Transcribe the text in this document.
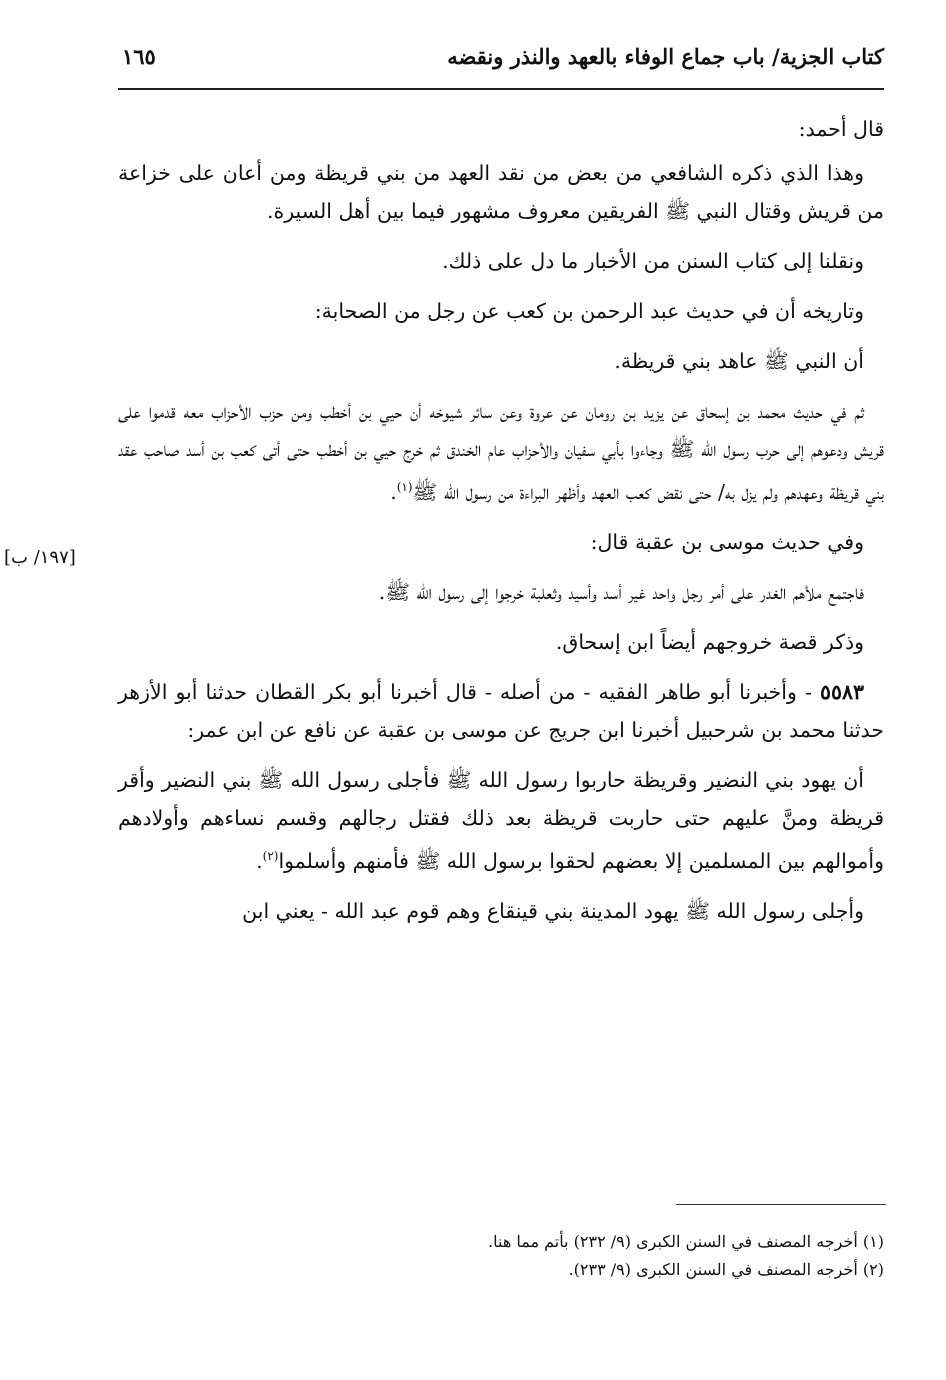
كتاب الجزية/ باب جماع الوفاء بالعهد والنذر ونقضه
١٦٥
[١٩٧/ ب]

قال أحمد:

وهذا الذي ذكره الشافعي من بعض من نقد العهد من بني قريظة ومن أعان على خزاعة من قريش وقتال النبي ﷺ الفريقين معروف مشهور فيما بين أهل السيرة.

ونقلنا إلى كتاب السنن من الأخبار ما دل على ذلك.

وتاريخه أن في حديث عبد الرحمن بن كعب عن رجل من الصحابة:

أن النبي ﷺ عاهد بني قريظة.

ثم في حديث محمد بن إسحاق عن يزيد بن رومان عن عروة وعن سائر شيوخه أن حيي بن أخطب ومن حزب الأحزاب معه قدموا على قريش ودعوهم إلى حرب رسول الله ﷺ وجاءوا بأبي سفيان والأحزاب عام الخندق ثم خرج حيي بن أخطب حتى أتى كعب بن أسد صاحب عقد بني قريظة وعهدهم ولم يزل به/ حتى نقض كعب العهد وأظهر البراءة من رسول الله ﷺ$^{(١)}$.

وفي حديث موسى بن عقبة قال:

فاجتمع ملأهم الغدر على أمر رجل واحد غير أسد وأسيد وثعلبة خرجوا إلى رسول الله ﷺ.

وذكر قصة خروجهم أيضاً ابن إسحاق.

٥٥٨٣ - وأخبرنا أبو طاهر الفقيه - من أصله - قال أخبرنا أبو بكر القطان حدثنا أبو الأزهر حدثنا محمد بن شرحبيل أخبرنا ابن جريج عن موسى بن عقبة عن نافع عن ابن عمر:

أن يهود بني النضير وقريظة حاربوا رسول الله ﷺ فأجلى رسول الله ﷺ بني النضير وأقر قريظة ومنَّ عليهم حتى حاربت قريظة بعد ذلك فقتل رجالهم وقسم نساءهم وأولادهم وأموالهم بين المسلمين إلا بعضهم لحقوا برسول الله ﷺ فأمنهم وأسلموا$^{(٢)}$.

وأجلى رسول الله ﷺ يهود المدينة بني قينقاع وهم قوم عبد الله - يعني ابن

(١) أخرجه المصنف في السنن الكبرى (٩/ ٢٣٢) بأتم مما هنا.

(٢) أخرجه المصنف في السنن الكبرى (٩/ ٢٣٣).
